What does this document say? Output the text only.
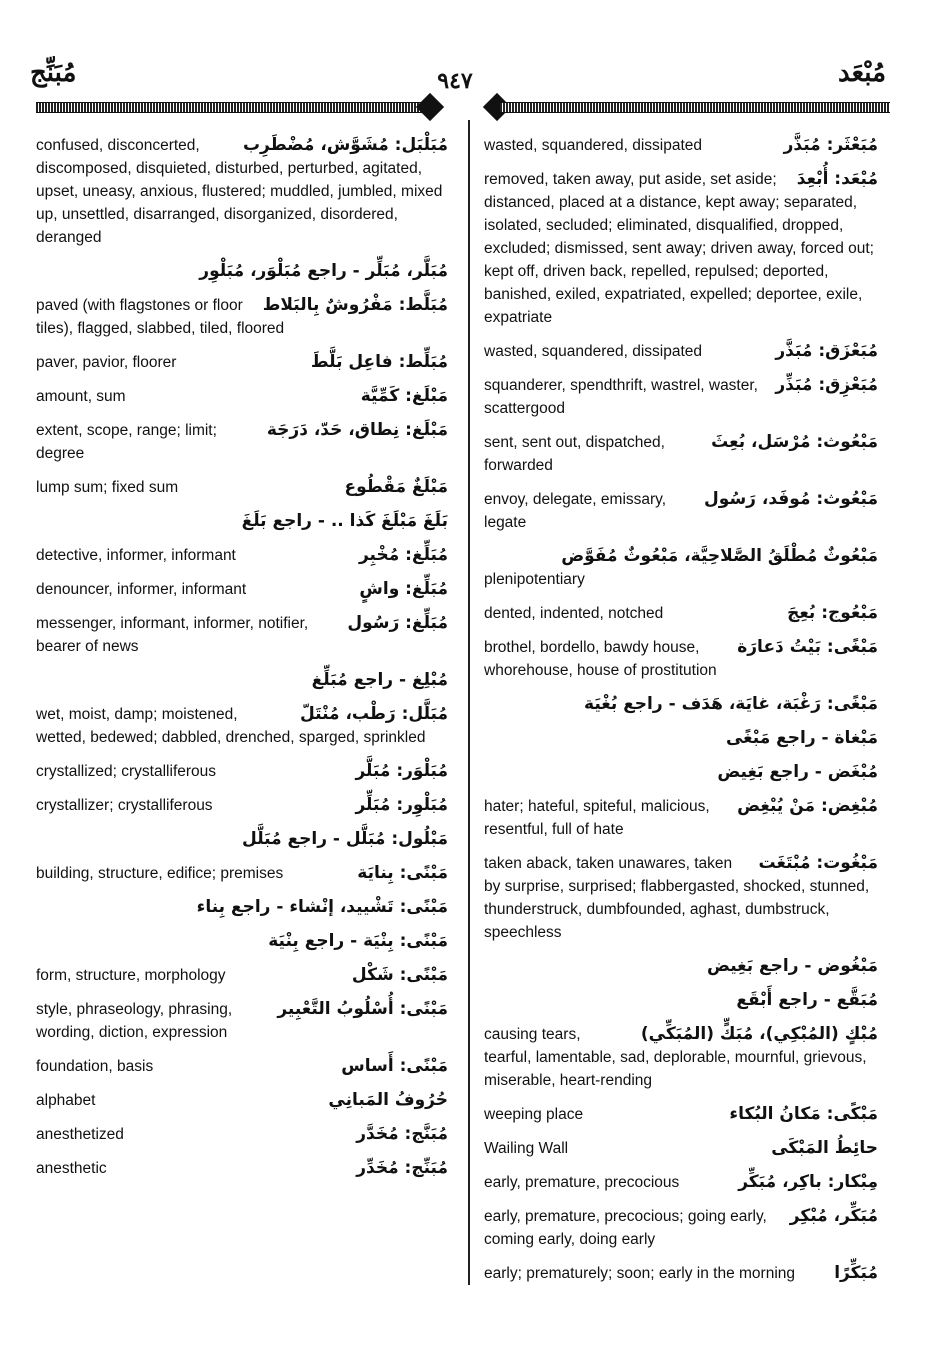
مُبَنِّج	٩٤٧	مُبْعَد
مُبَلْبَل: مُشَوَّش، مُضْطَرِب
confused, disconcerted, discomposed, disquieted, disturbed, perturbed, agitated, upset, uneasy, anxious, flustered; muddled, jumbled, mixed up, unsettled, disarranged, disorganized, disordered, deranged
مُبَلَّر، مُبَلِّر - راجع مُبَلْوَر، مُبَلْوِر
مُبَلَّط: مَفْرُوشٌ بِالبَلاط
paved (with flagstones or floor tiles), flagged, slabbed, tiled, floored
مُبَلِّط: فاعِل بَلَّطَ
paver, pavior, floorer
مَبْلَغ: كَمِّيَّة
amount, sum
مَبْلَغ: نِطاق، حَدّ، دَرَجَة
extent, scope, range; limit; degree
مَبْلَغٌ مَقْطُوع
lump sum; fixed sum
بَلَغَ مَبْلَغَ كَذا .. - راجع بَلَغَ
مُبَلِّغ: مُخْبِر
detective, informer, informant
مُبَلِّغ: واشٍ
denouncer, informer, informant
مُبَلِّغ: رَسُول
messenger, informant, informer, notifier, bearer of news
مُبْلِغ - راجع مُبَلِّغ
مُبَلَّل: رَطْب، مُنْتَلّ
wet, moist, damp; moistened, wetted, bedewed; dabbled, drenched, sparged, sprinkled
مُبَلْوَر: مُبَلَّر
crystallized; crystalliferous
مُبَلْوِر: مُبَلِّر
crystallizer; crystalliferous
مَبْلُول: مُبَلَّل - راجع مُبَلَّل
مَبْنًى: بِنايَة
building, structure, edifice; premises
مَبْنًى: تَشْييد، إنْشاء - راجع بِناء
مَبْنًى: بِنْيَة - راجع بِنْيَة
مَبْنًى: شَكْل
form, structure, morphology
مَبْنًى: أُسْلُوبُ التَّعْبِير
style, phraseology, phrasing, wording, diction, expression
مَبْنًى: أَساس
foundation, basis
حُرُوفُ المَبانِي
alphabet
مُبَنَّج: مُخَدَّر
anesthetized
مُبَنِّج: مُخَدِّر
anesthetic
مُبَعْثَر: مُبَذَّر
wasted, squandered, dissipated
مُبْعَد: أُبْعِدَ
removed, taken away, put aside, set aside; distanced, placed at a distance, kept away; separated, isolated, secluded; eliminated, disqualified, dropped, excluded; dismissed, sent away; driven away, forced out; kept off, driven back, repelled, repulsed; deported, banished, exiled, expatriated, expelled; deportee, exile, expatriate
مُبَعْزَق: مُبَذَّر
wasted, squandered, dissipated
مُبَعْزِق: مُبَذِّر
squanderer, spendthrift, wastrel, waster, scattergood
مَبْعُوث: مُرْسَل، بُعِثَ
sent, sent out, dispatched, forwarded
مَبْعُوث: مُوفَد، رَسُول
envoy, delegate, emissary, legate
مَبْعُوثٌ مُطْلَقُ الصَّلاحِيَّة، مَبْعُوثٌ مُفَوَّض
plenipotentiary
مَبْعُوج: بُعِجَ
dented, indented, notched
مَبْغًى: بَيْتُ دَعارَة
brothel, bordello, bawdy house, whorehouse, house of prostitution
مَبْغًى: رَغْبَة، غايَة، هَدَف - راجع بُغْيَة
مَبْغاة - راجع مَبْغًى
مُبْغَض - راجع بَغِيض
مُبْغِض: مَنْ يُبْغِض
hater; hateful, spiteful, malicious, resentful, full of hate
مَبْغُوت: مُبْتَغَت
taken aback, taken unawares, taken by surprise, surprised; flabbergasted, shocked, stunned, thunderstruck, dumbfounded, aghast, dumbstruck, speechless
مَبْغُوض - راجع بَغِيض
مُبَقَّع - راجع أَبْقَع
مُبْكٍ (المُبْكِي)، مُبَكٍّ (المُبَكِّي)
causing tears, tearful, lamentable, sad, deplorable, mournful, grievous, miserable, heart-rending
مَبْكًى: مَكانُ البُكاء
weeping place
حائِطُ المَبْكَى
Wailing Wall
مِبْكار: باكِر، مُبَكِّر
early, premature, precocious
مُبَكِّر، مُبْكِر
early, premature, precocious; going early, coming early, doing early
مُبَكِّرًا
early; prematurely; soon; early in the morning
